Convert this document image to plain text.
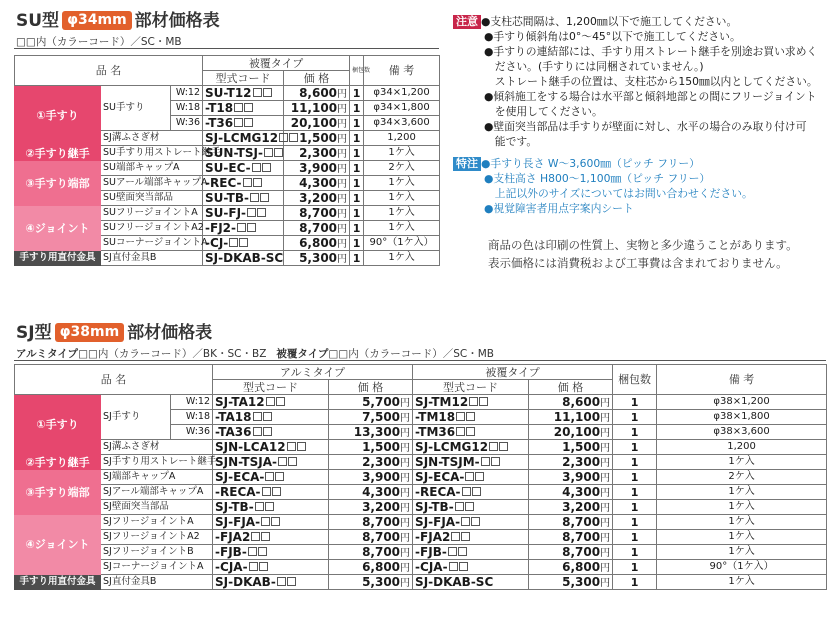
SU型 φ34mm 部材価格表
□□内（カラーコード）／SC・MB
品 名			被覆タイプ		梱包数	備 考
			型式コード	価 格		
①手すり	SU手すり	W:12	SU-T12	8,600円	1	φ34×1,200
		W:18	-T18	11,100円	1	φ34×1,800
		W:36	-T36	20,100円	1	φ34×3,600
	SJ溝ふさぎ材		SJ-LCMG12	1,500円	1	1,200
②手すり継手	SU手すり用ストレート継手		SUN-TSJ-	2,300円	1	1ケ入
③手すり端部	SU端部キャップA		SU-EC-	3,900円	1	2ケ入
	SUアール端部キャップA		-REC-	4,300円	1	1ケ入
	SU壁面突当部品		SU-TB-	3,200円	1	1ケ入
④ジョイント	SUフリージョイントA		SU-FJ-	8,700円	1	1ケ入
	SUフリージョイントA2		-FJ2-	8,700円	1	1ケ入
	SUコーナージョイントA		-CJ-	6,800円	1	90°（1ケ入）
手すり用直付金具	SJ直付金具B		SJ-DKAB-SC	5,300円	1	1ケ入
注意 ●支柱芯間隔は、1,200㎜以下で施工してください。
●手すり傾斜角は0°～45°以下で施工してください。
●手すりの連結部には、手すり用ストレート継手を別途お買い求めく
　ださい。(手すりには同梱されていません。)
　ストレート継手の位置は、支柱芯から150㎜以内としてください。
●傾斜施工をする場合は水平部と傾斜地部との間にフリージョイント
　を使用してください。
●壁面突当部品は手すりが壁面に対し、水平の場合のみ取り付け可
　能です。
特注 ●手すり長さ W～3,600㎜（ピッチ フリー）
●支柱高さ H800～1,100㎜（ピッチ フリー）
　上記以外のサイズについてはお問い合わせください。
●視覚障害者用点字案内シート
商品の色は印刷の性質上、実物と多少違うことがあります。
表示価格には消費税および工事費は含まれておりません。
SJ型 φ38mm 部材価格表
アルミタイプ□□内（カラーコード）／BK・SC・BZ 被覆タイプ□□内（カラーコード）／SC・MB
品 名			アルミタイプ		被覆タイプ		梱包数	備 考
			型式コード	価 格	型式コード	価 格		
①手すり	SJ手すり	W:12	SJ-TA12	5,700円	SJ-TM12	8,600円	1	φ38×1,200
		W:18	-TA18	7,500円	-TM18	11,100円	1	φ38×1,800
		W:36	-TA36	13,300円	-TM36	20,100円	1	φ38×3,600
	SJ溝ふさぎ材		SJN-LCA12	1,500円	SJ-LCMG12	1,500円	1	1,200
②手すり継手	SJ手すり用ストレート継手		SJN-TSJA-	2,300円	SJN-TSJM-	2,300円	1	1ケ入
③手すり端部	SJ端部キャップA		SJ-ECA-	3,900円	SJ-ECA-	3,900円	1	2ケ入
	SJアール端部キャップA		-RECA-	4,300円	-RECA-	4,300円	1	1ケ入
	SJ壁面突当部品		SJ-TB-	3,200円	SJ-TB-	3,200円	1	1ケ入
④ジョイント	SJフリージョイントA		SJ-FJA-	8,700円	SJ-FJA-	8,700円	1	1ケ入
	SJフリージョイントA2		-FJA2	8,700円	-FJA2	8,700円	1	1ケ入
	SJフリージョイントB		-FJB-	8,700円	-FJB-	8,700円	1	1ケ入
	SJコーナージョイントA		-CJA-	6,800円	-CJA-	6,800円	1	90°（1ケ入）
手すり用直付金具	SJ直付金具B		SJ-DKAB-	5,300円	SJ-DKAB-SC	5,300円	1	1ケ入
